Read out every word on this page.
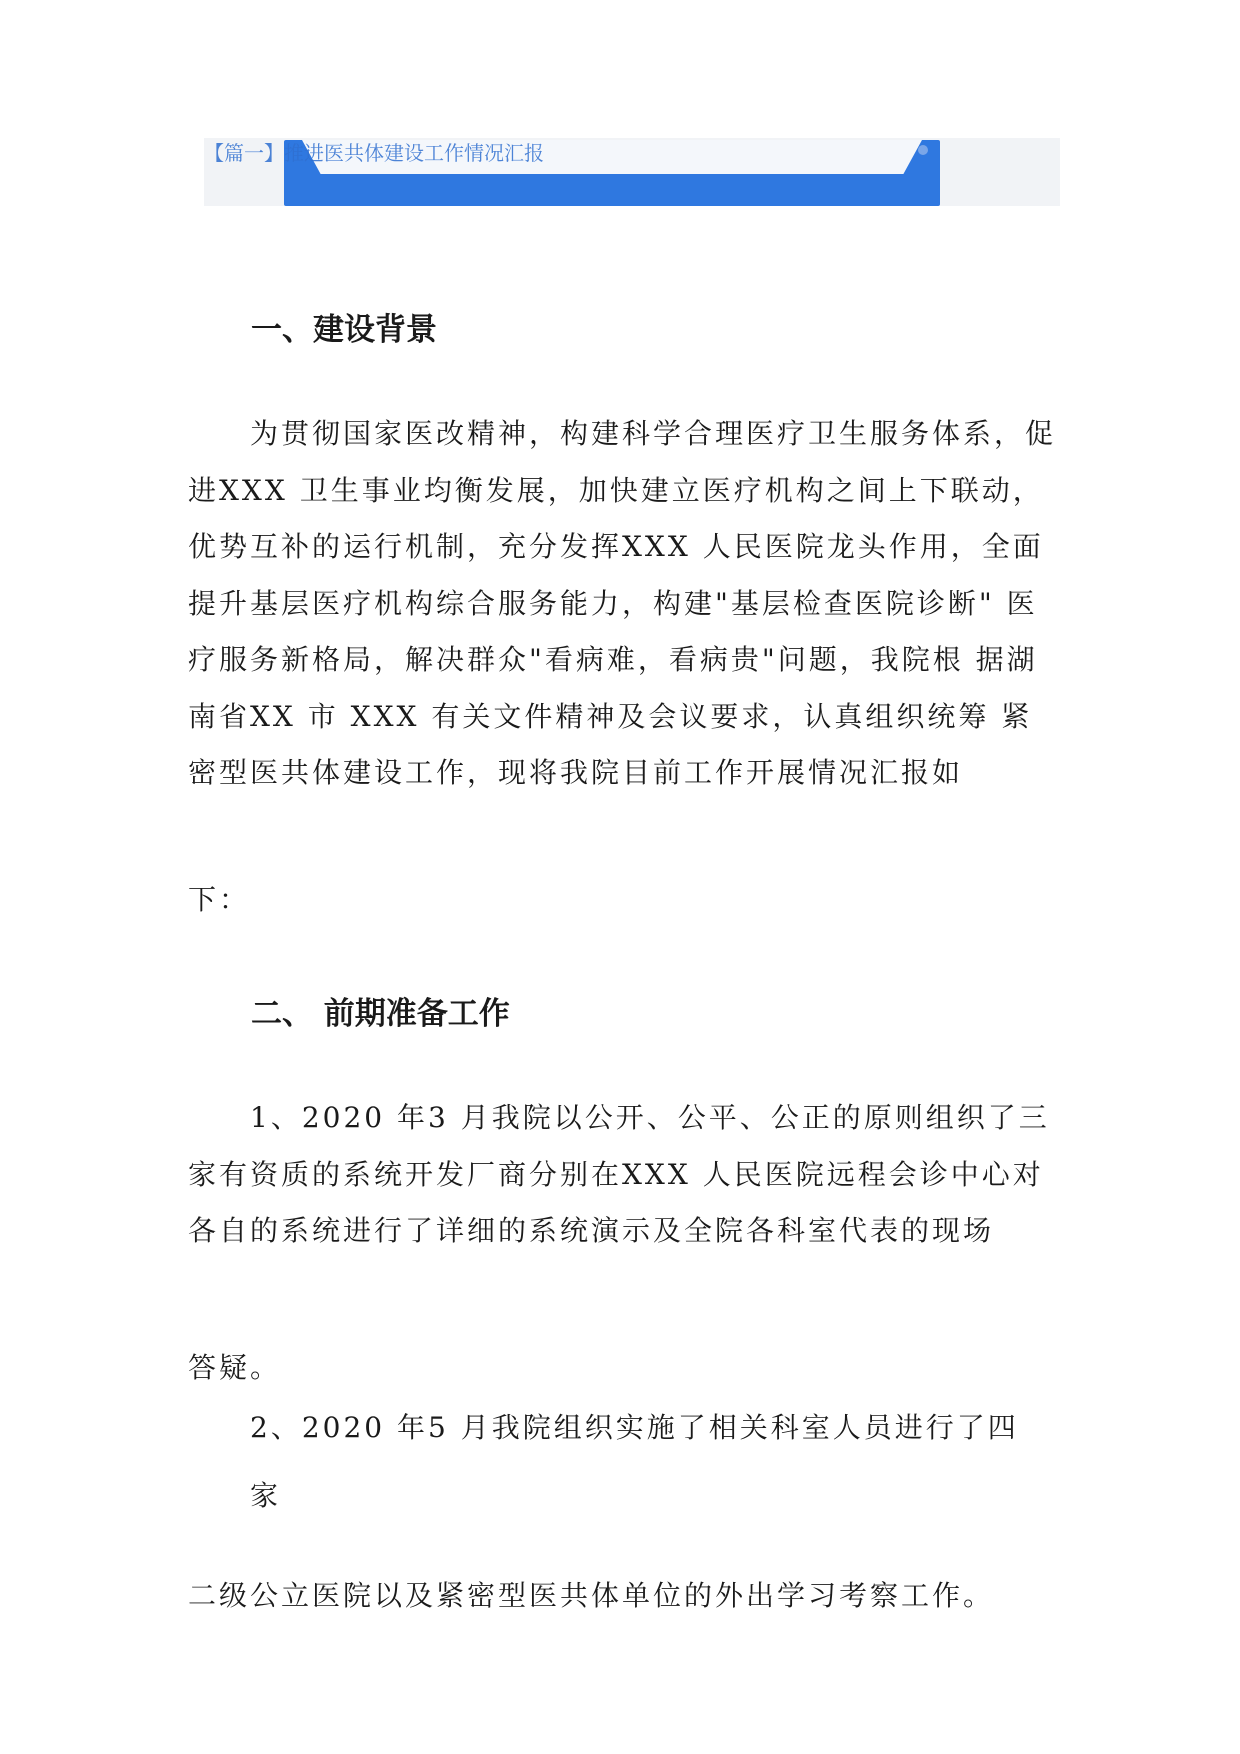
【篇一】推进医共体建设工作情况汇报
一、建设背景
为贯彻国家医改精神，构建科学合理医疗卫生服务体系，促进XXX 卫生事业均衡发展，加快建立医疗机构之间上下联动， 优势互补的运行机制，充分发挥XXX 人民医院龙头作用，全面 提升基层医疗机构综合服务能力，构建"基层检查医院诊断" 医疗服务新格局，解决群众"看病难，看病贵"问题，我院根 据湖南省XX 市 XXX 有关文件精神及会议要求，认真组织统筹 紧密型医共体建设工作，现将我院目前工作开展情况汇报如
下：
二、 前期准备工作
1、2020 年3 月我院以公开、公平、公正的原则组织了三 家有资质的系统开发厂商分别在XXX 人民医院远程会诊中心对 各自的系统进行了详细的系统演示及全院各科室代表的现场
答疑。
2、2020 年5 月我院组织实施了相关科室人员进行了四
家
二级公立医院以及紧密型医共体单位的外出学习考察工作。
